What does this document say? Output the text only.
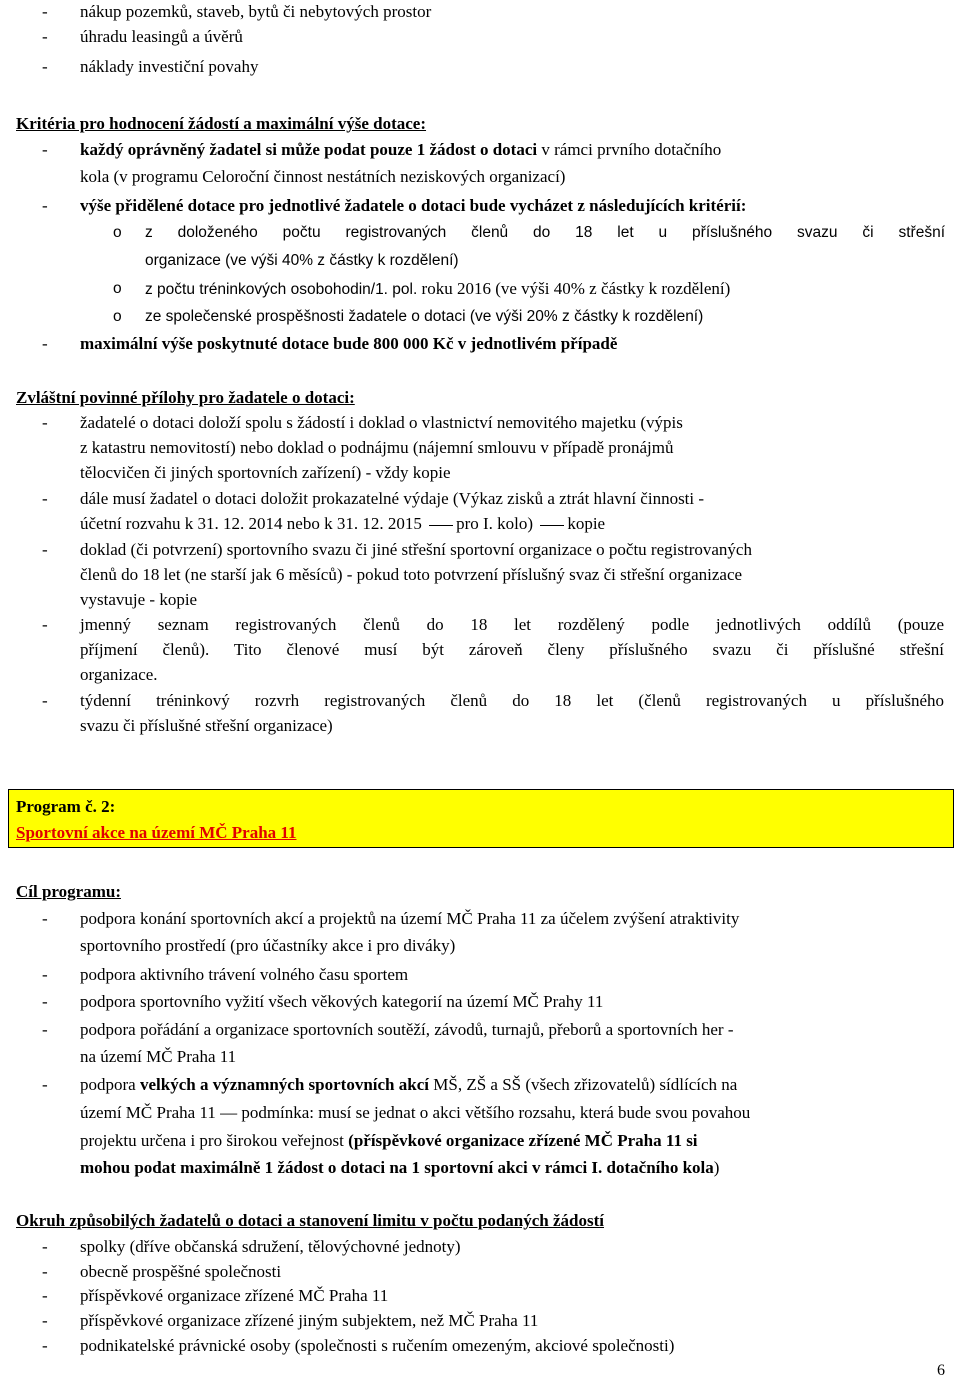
- nákup pozemků, staveb, bytů či nebytových prostor
- úhradu leasingů a úvěrů
- náklady investiční povahy
Kritéria pro hodnocení žádostí a maximální výše dotace:
- každý oprávněný žadatel si může podat pouze 1 žádost o dotaci v rámci prvního dotačního
kola (v programu Celoroční činnost nestátních neziskových organizací)
- výše přidělené dotace pro jednotlivé žadatele o dotaci bude vycházet z následujících kritérií:
o z doloženého počtu registrovaných členů do 18 let u příslušného svazu či střešní
organizace (ve výši 40% z částky k rozdělení)
o z počtu tréninkových osobohodin/1. pol. roku 2016 (ve výši 40% z částky k rozdělení)
o ze společenské prospěšnosti žadatele o dotaci (ve výši 20% z částky k rozdělení)
- maximální výše poskytnuté dotace bude 800 000 Kč v jednotlivém případě
Zvláštní povinné přílohy pro žadatele o dotaci:
- žadatelé o dotaci doloží spolu s žádostí i doklad o vlastnictví nemovitého majetku (výpis
z katastru nemovitostí) nebo doklad o podnájmu (nájemní smlouvu v případě pronájmů
tělocvičen či jiných sportovních zařízení) - vždy kopie
- dále musí žadatel o dotaci doložit prokazatelné výdaje (Výkaz zisků a ztrát hlavní činnosti -
účetní rozvahu k 31. 12. 2014 nebo k 31. 12. 2015 pro I. kolo) kopie
- doklad (či potvrzení) sportovního svazu či jiné střešní sportovní organizace o počtu registrovaných
členů do 18 let (ne starší jak 6 měsíců) - pokud toto potvrzení příslušný svaz či střešní organizace
vystavuje - kopie
- jmenný seznam registrovaných členů do 18 let rozdělený podle jednotlivých oddílů (pouze
příjmení členů). Tito členové musí být zároveň členy příslušného svazu či příslušné střešní
organizace.
- týdenní tréninkový rozvrh registrovaných členů do 18 let (členů registrovaných u příslušného
svazu či příslušné střešní organizace)
Program č. 2:
Sportovní akce na území MČ Praha 11
Cíl programu:
- podpora konání sportovních akcí a projektů na území MČ Praha 11 za účelem zvýšení atraktivity
sportovního prostředí (pro účastníky akce i pro diváky)
- podpora aktivního trávení volného času sportem
- podpora sportovního vyžití všech věkových kategorií na území MČ Prahy 11
- podpora pořádání a organizace sportovních soutěží, závodů, turnajů, přeborů a sportovních her -
na území MČ Praha 11
- podpora velkých a významných sportovních akcí MŠ, ZŠ a SŠ (všech zřizovatelů) sídlících na
území MČ Praha 11 — podmínka: musí se jednat o akci většího rozsahu, která bude svou povahou
projektu určena i pro širokou veřejnost (příspěvkové organizace zřízené MČ Praha 11 si
mohou podat maximálně 1 žádost o dotaci na 1 sportovní akci v rámci I. dotačního kola)
Okruh způsobilých žadatelů o dotaci a stanovení limitu v počtu podaných žádostí
- spolky (dříve občanská sdružení, tělovýchovné jednoty)
- obecně prospěšné společnosti
- příspěvkové organizace zřízené MČ Praha 11
- příspěvkové organizace zřízené jiným subjektem, než MČ Praha 11
- podnikatelské právnické osoby (společnosti s ručením omezeným, akciové společnosti)
6
